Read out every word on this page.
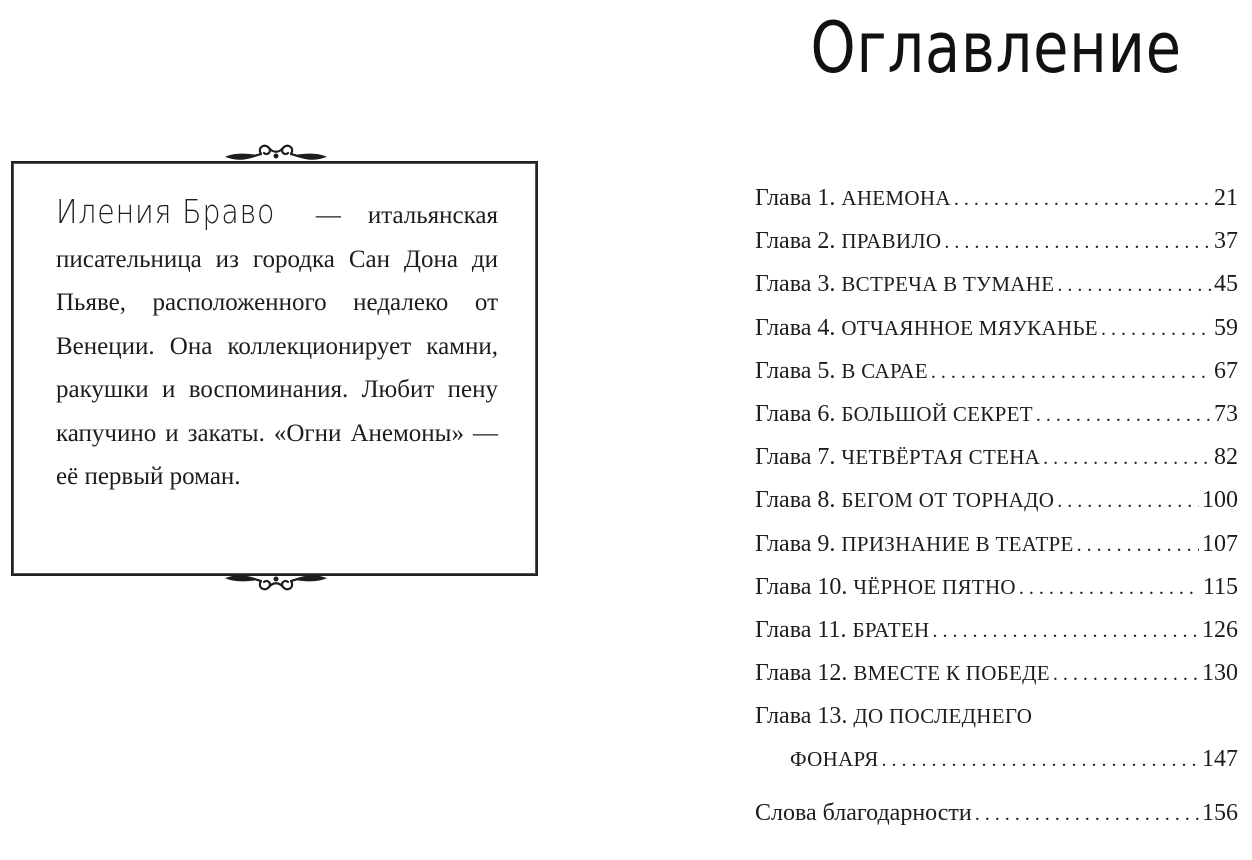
Иления Браво — итальянская писательница из городка Сан Дона ди Пьяве, расположенного недалеко от Венеции. Она коллекционирует камни, ракушки и воспоминания. Любит пену капучино и закаты. «Огни Анемоны» — её первый роман.

Оглавление
Глава 1. АНЕМОНА . . .	21
Глава 2. ПРАВИЛО . . .	37
Глава 3. ВСТРЕЧА В ТУМАНЕ . . .	45
Глава 4. ОТЧАЯННОЕ МЯУКАНЬЕ . . .	59
Глава 5. В САРАЕ . . .	67
Глава 6. БОЛЬШОЙ СЕКРЕТ . . .	73
Глава 7. ЧЕТВЁРТАЯ СТЕНА . . .	82
Глава 8. БЕГОМ ОТ ТОРНАДО . . .	100
Глава 9. ПРИЗНАНИЕ В ТЕАТРЕ . . .	107
Глава 10. ЧЁРНОЕ ПЯТНО . . .	115
Глава 11. БРАТЕН . . .	126
Глава 12. ВМЕСТЕ К ПОБЕДЕ . . .	130
Глава 13. ДО ПОСЛЕДНЕГО
ФОНАРЯ . . .	147
Слова благодарности . . .	156
